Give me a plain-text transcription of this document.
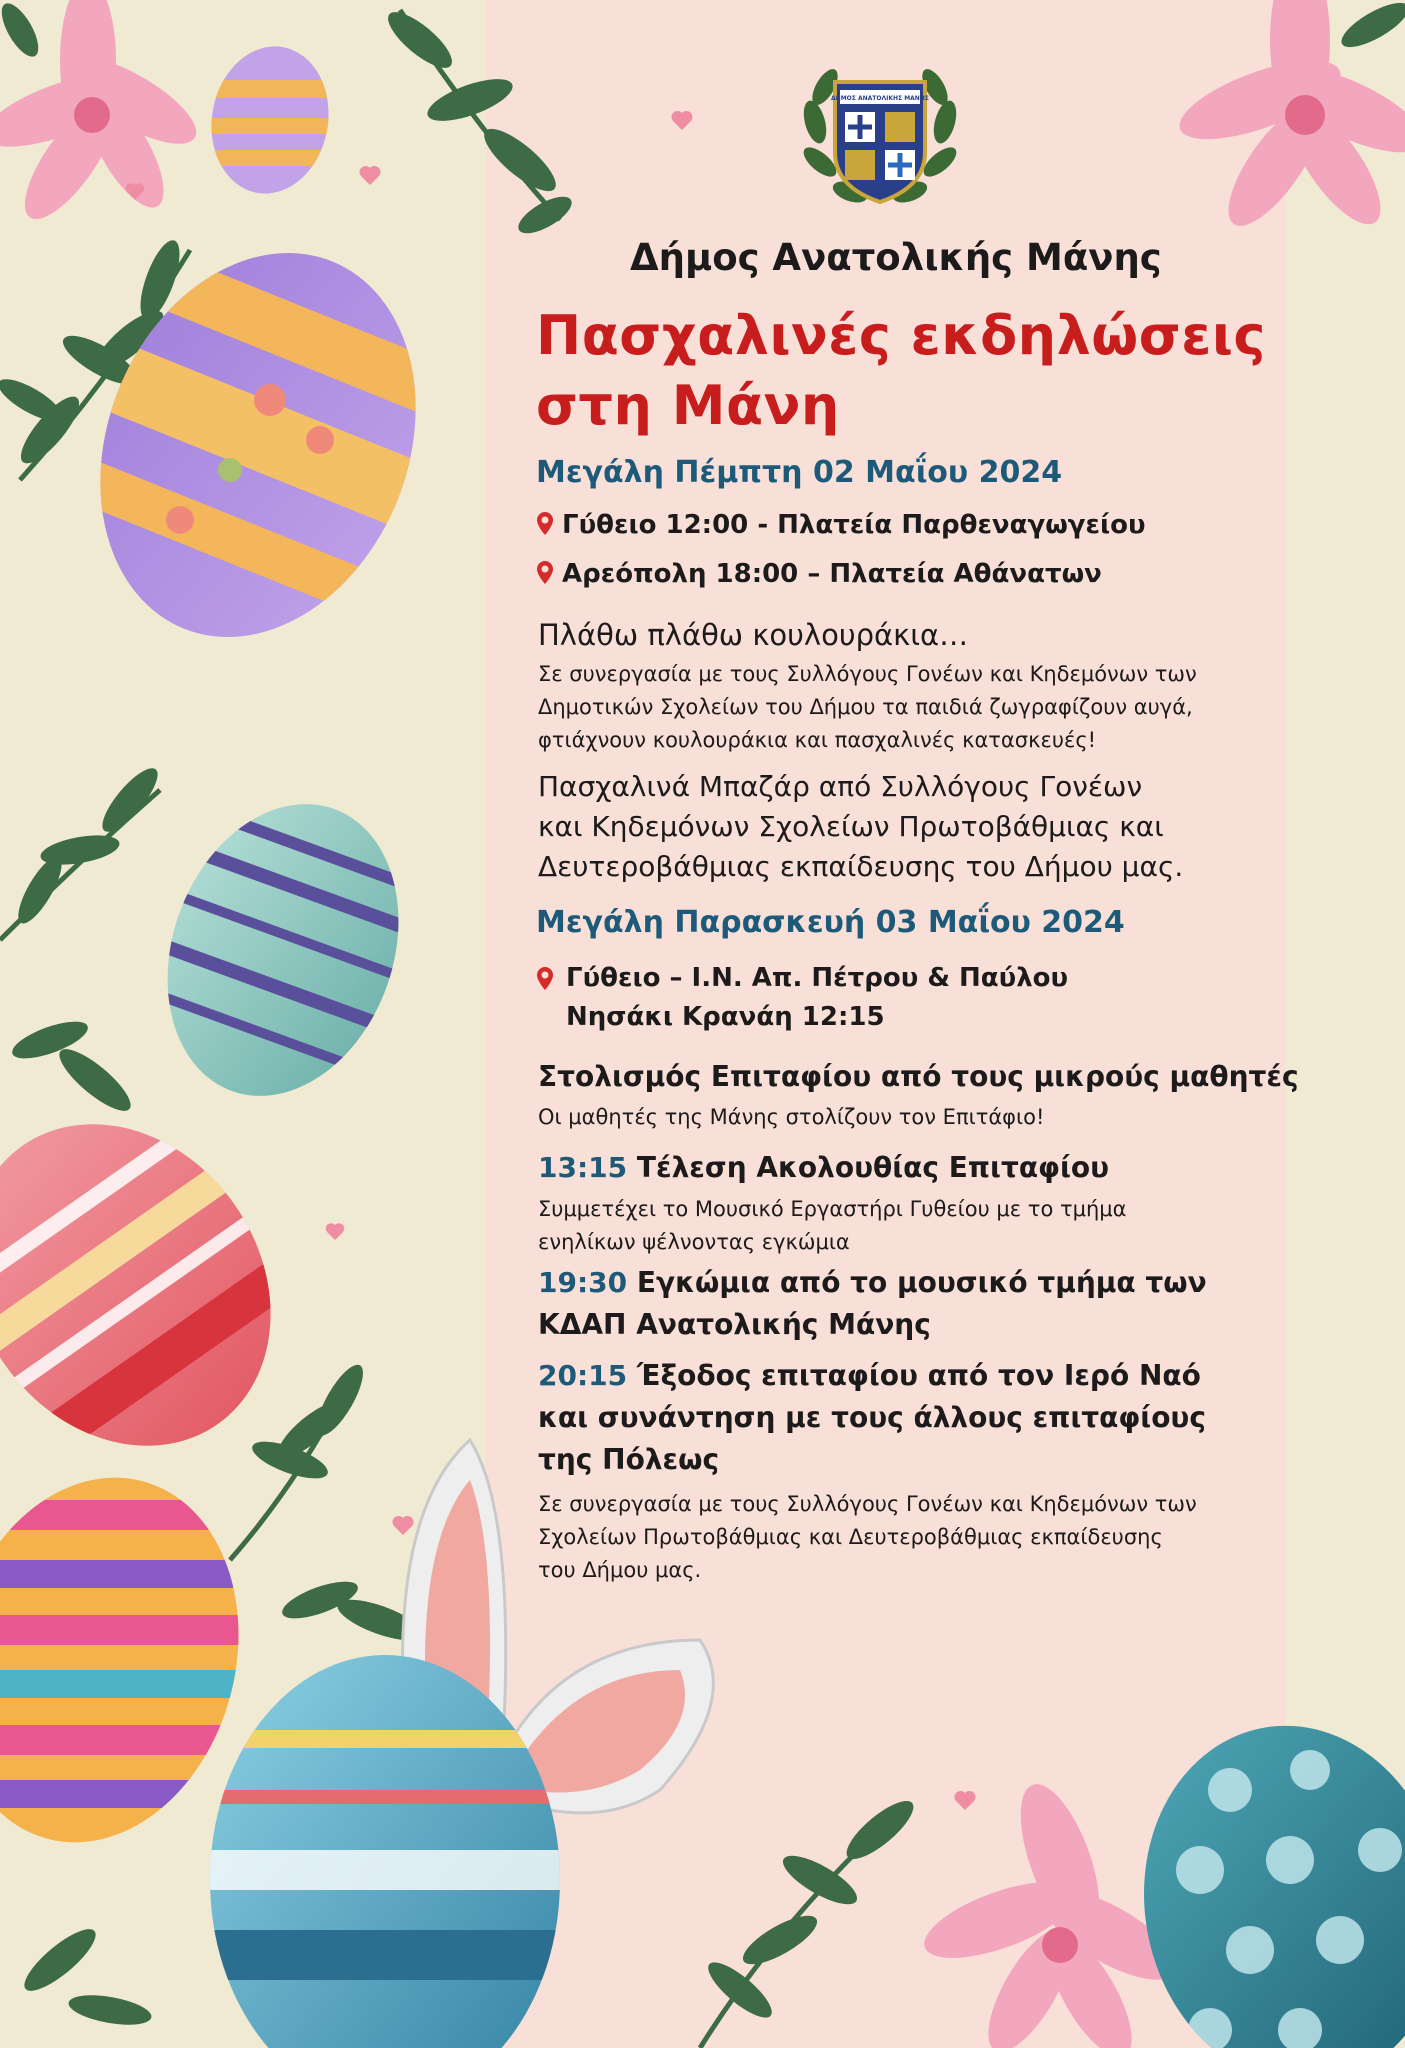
ΔΗΜΟΣ ΑΝΑΤΟΛΙΚΗΣ ΜΑΝΗΣ
Δήμος Ανατολικής Μάνης
Πασχαλινές εκδηλώσεις
στη Μάνη
Μεγάλη Πέμπτη 02 Μαΐου 2024
Γύθειο 12:00 - Πλατεία Παρθεναγωγείου
Αρεόπολη 18:00 – Πλατεία Αθάνατων
Πλάθω πλάθω κουλουράκια…
Σε συνεργασία με τους Συλλόγους Γονέων και Κηδεμόνων των
Δημοτικών Σχολείων του Δήμου τα παιδιά ζωγραφίζουν αυγά,
φτιάχνουν κουλουράκια και πασχαλινές κατασκευές!
Πασχαλινά Μπαζάρ από Συλλόγους Γονέων
και Κηδεμόνων Σχολείων Πρωτοβάθμιας και
Δευτεροβάθμιας εκπαίδευσης του Δήμου μας.
Μεγάλη Παρασκευή 03 Μαΐου 2024
Γύθειο – Ι.Ν. Απ. Πέτρου & Παύλου
Νησάκι Κρανάη 12:15
Στολισμός Επιταφίου από τους μικρούς μαθητές
Οι μαθητές της Μάνης στολίζουν τον Επιτάφιο!
13:15 Τέλεση Ακολουθίας Επιταφίου
Συμμετέχει το Μουσικό Εργαστήρι Γυθείου με το τμήμα
ενηλίκων ψέλνοντας εγκώμια
19:30 Εγκώμια από το μουσικό τμήμα των
ΚΔΑΠ Ανατολικής Μάνης
20:15 Έξοδος επιταφίου από τον Ιερό Ναό
και συνάντηση με τους άλλους επιταφίους
της Πόλεως
Σε συνεργασία με τους Συλλόγους Γονέων και Κηδεμόνων των
Σχολείων Πρωτοβάθμιας και Δευτεροβάθμιας εκπαίδευσης
του Δήμου μας.
